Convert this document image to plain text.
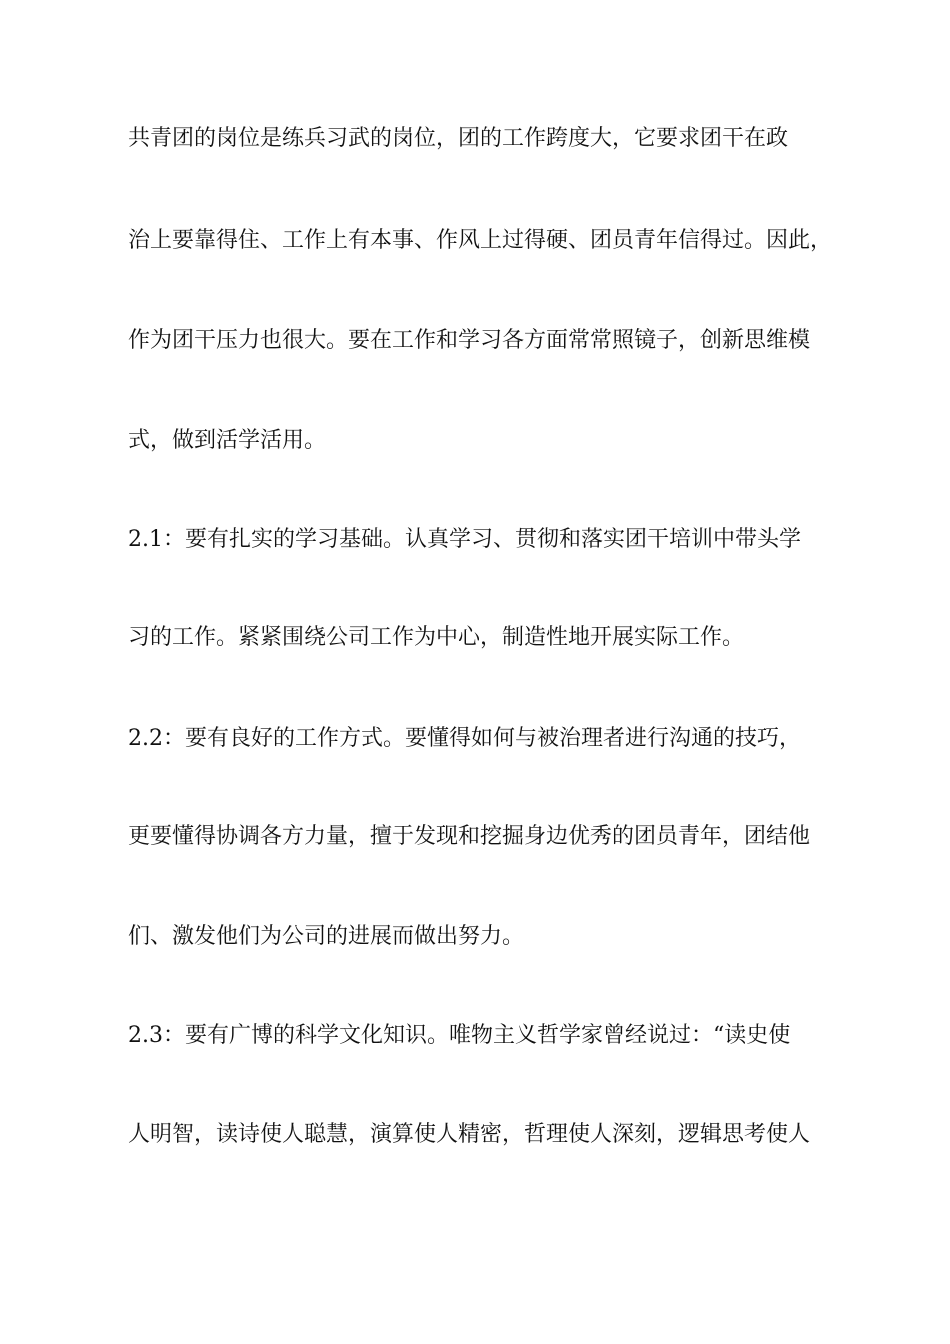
共青团的岗位是练兵习武的岗位，团的工作跨度大，它要求团干在政
治上要靠得住、工作上有本事、作风上过得硬、团员青年信得过。因此，
作为团干压力也很大。要在工作和学习各方面常常照镜子，创新思维模
式，做到活学活用。
2.1：要有扎实的学习基础。认真学习、贯彻和落实团干培训中带头学
习的工作。紧紧围绕公司工作为中心，制造性地开展实际工作。
2.2：要有良好的工作方式。要懂得如何与被治理者进行沟通的技巧，
更要懂得协调各方力量，擅于发现和挖掘身边优秀的团员青年，团结他
们、激发他们为公司的进展而做出努力。
2.3：要有广博的科学文化知识。唯物主义哲学家曾经说过：“读史使
人明智，读诗使人聪慧，演算使人精密，哲理使人深刻，逻辑思考使人
